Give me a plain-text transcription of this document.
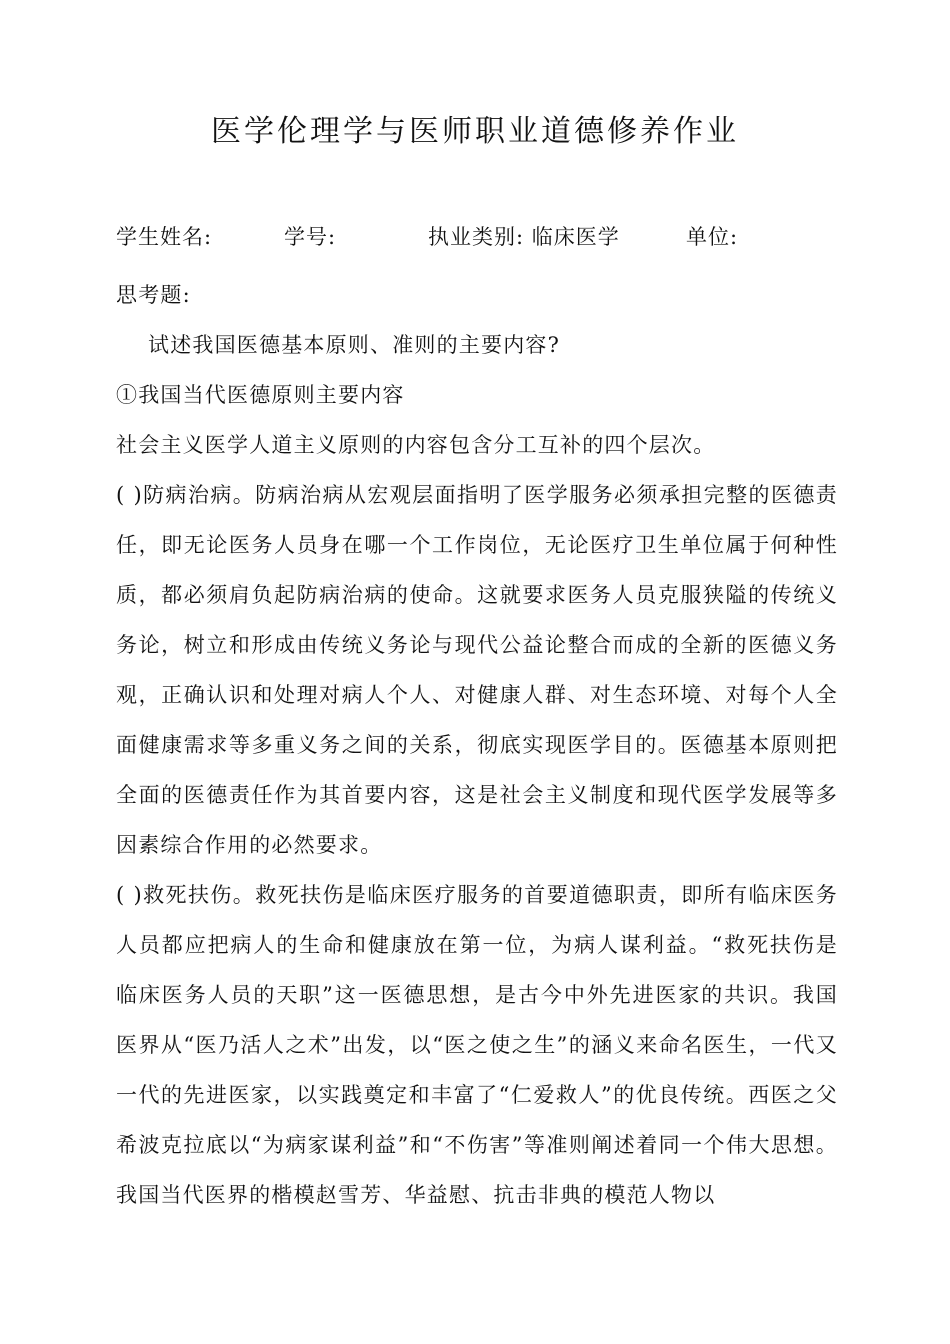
医学伦理学与医师职业道德修养作业
学生姓名:	学号:	执业类别: 临床医学	单位:

思考题:

试述我国医德基本原则、准则的主要内容?

①我国当代医德原则主要内容

社会主义医学人道主义原则的内容包含分工互补的四个层次。

( )防病治病。防病治病从宏观层面指明了医学服务必须承担完整的医德责任，即无论医务人员身在哪一个工作岗位，无论医疗卫生单位属于何种性质，都必须肩负起防病治病的使命。这就要求医务人员克服狭隘的传统义务论，树立和形成由传统义务论与现代公益论整合而成的全新的医德义务观，正确认识和处理对病人个人、对健康人群、对生态环境、对每个人全面健康需求等多重义务之间的关系，彻底实现医学目的。医德基本原则把全面的医德责任作为其首要内容，这是社会主义制度和现代医学发展等多因素综合作用的必然要求。

( )救死扶伤。救死扶伤是临床医疗服务的首要道德职责，即所有临床医务人员都应把病人的生命和健康放在第一位，为病人谋利益。“救死扶伤是临床医务人员的天职”这一医德思想，是古今中外先进医家的共识。我国医界从“医乃活人之术”出发，以“医之使之生”的涵义来命名医生，一代又一代的先进医家，以实践奠定和丰富了“仁爱救人”的优良传统。西医之父希波克拉底以“为病家谋利益”和“不伤害”等准则阐述着同一个伟大思想。我国当代医界的楷模赵雪芳、华益慰、抗击非典的模范人物以
